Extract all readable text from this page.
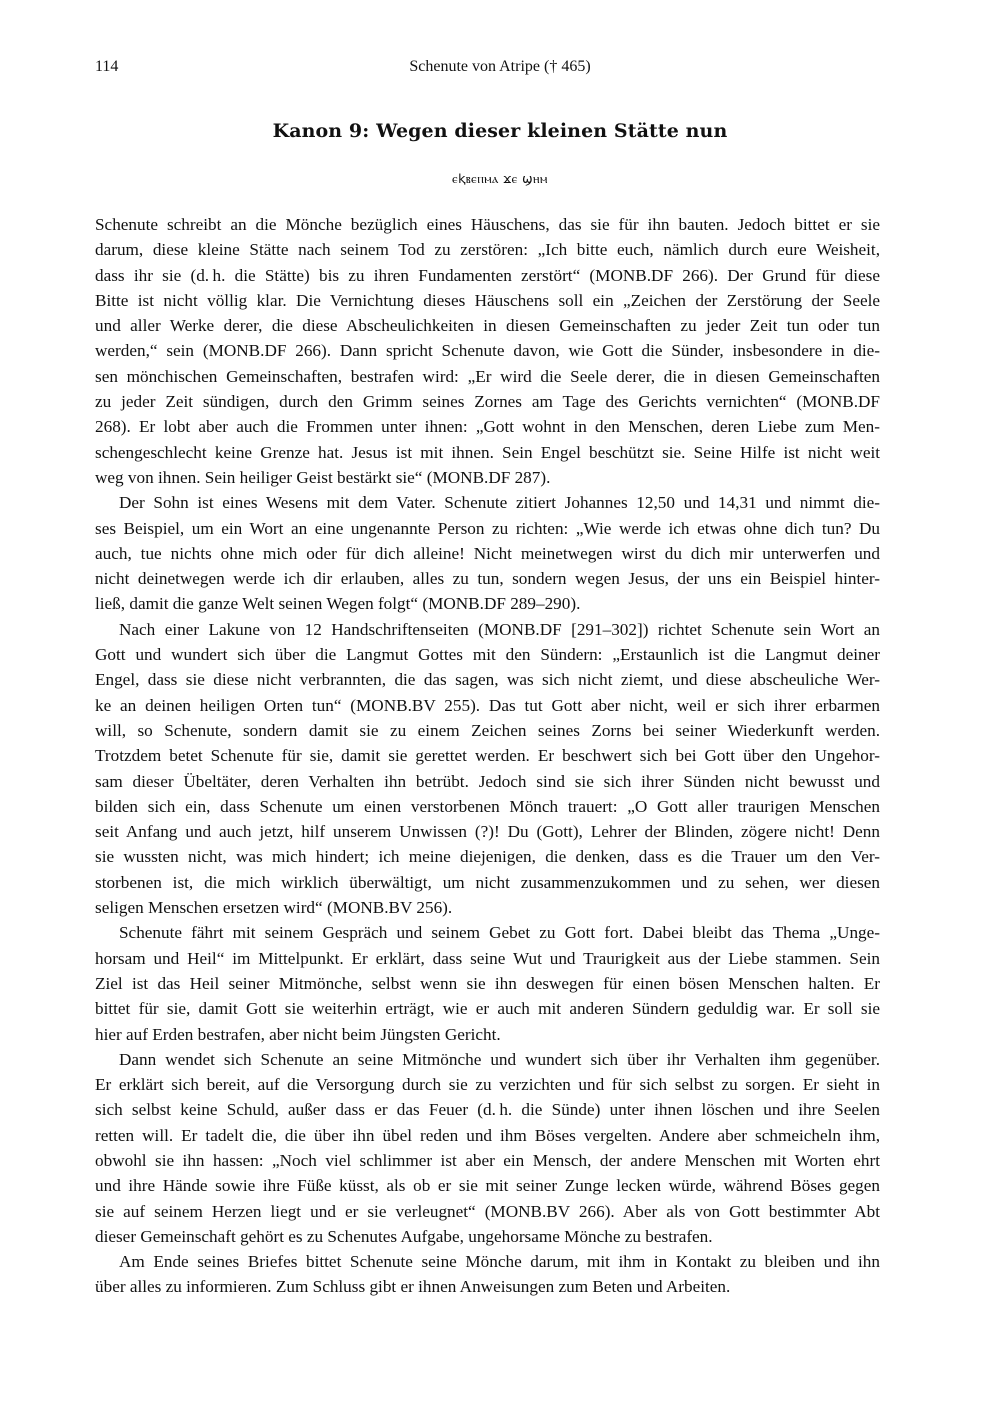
114	Schenute von Atripe († 465)
Kanon 9: Wegen dieser kleinen Stätte nun
ⲉⱪⲃⲉⲡⲙⲁ ϫⲉ ϣⲏⲙ
Schenute schreibt an die Mönche bezüglich eines Häuschens, das sie für ihn bauten. Jedoch bittet er sie
darum, diese kleine Stätte nach seinem Tod zu zerstören: „Ich bitte euch, nämlich durch eure Weisheit,
dass ihr sie (d. h. die Stätte) bis zu ihren Fundamenten zerstört“ (MONB.DF 266). Der Grund für diese
Bitte ist nicht völlig klar. Die Vernichtung dieses Häuschens soll ein „Zeichen der Zerstörung der Seele
und aller Werke derer, die diese Abscheulichkeiten in diesen Gemeinschaften zu jeder Zeit tun oder tun
werden,“ sein (MONB.DF 266). Dann spricht Schenute davon, wie Gott die Sünder, insbesondere in die-
sen mönchischen Gemeinschaften, bestrafen wird: „Er wird die Seele derer, die in diesen Gemeinschaften
zu jeder Zeit sündigen, durch den Grimm seines Zornes am Tage des Gerichts vernichten“ (MONB.DF
268). Er lobt aber auch die Frommen unter ihnen: „Gott wohnt in den Menschen, deren Liebe zum Men-
schengeschlecht keine Grenze hat. Jesus ist mit ihnen. Sein Engel beschützt sie. Seine Hilfe ist nicht weit
weg von ihnen. Sein heiliger Geist bestärkt sie“ (MONB.DF 287).
Der Sohn ist eines Wesens mit dem Vater. Schenute zitiert Johannes 12,50 und 14,31 und nimmt die-
ses Beispiel, um ein Wort an eine ungenannte Person zu richten: „Wie werde ich etwas ohne dich tun? Du
auch, tue nichts ohne mich oder für dich alleine! Nicht meinetwegen wirst du dich mir unterwerfen und
nicht deinetwegen werde ich dir erlauben, alles zu tun, sondern wegen Jesus, der uns ein Beispiel hinter-
ließ, damit die ganze Welt seinen Wegen folgt“ (MONB.DF 289–290).
Nach einer Lakune von 12 Handschriftenseiten (MONB.DF [291–302]) richtet Schenute sein Wort an
Gott und wundert sich über die Langmut Gottes mit den Sündern: „Erstaunlich ist die Langmut deiner
Engel, dass sie diese nicht verbrannten, die das sagen, was sich nicht ziemt, und diese abscheuliche Wer-
ke an deinen heiligen Orten tun“ (MONB.BV 255). Das tut Gott aber nicht, weil er sich ihrer erbarmen
will, so Schenute, sondern damit sie zu einem Zeichen seines Zorns bei seiner Wiederkunft werden.
Trotzdem betet Schenute für sie, damit sie gerettet werden. Er beschwert sich bei Gott über den Ungehor-
sam dieser Übeltäter, deren Verhalten ihn betrübt. Jedoch sind sie sich ihrer Sünden nicht bewusst und
bilden sich ein, dass Schenute um einen verstorbenen Mönch trauert: „O Gott aller traurigen Menschen
seit Anfang und auch jetzt, hilf unserem Unwissen (?)! Du (Gott), Lehrer der Blinden, zögere nicht! Denn
sie wussten nicht, was mich hindert; ich meine diejenigen, die denken, dass es die Trauer um den Ver-
storbenen ist, die mich wirklich überwältigt, um nicht zusammenzukommen und zu sehen, wer diesen
seligen Menschen ersetzen wird“ (MONB.BV 256).
Schenute fährt mit seinem Gespräch und seinem Gebet zu Gott fort. Dabei bleibt das Thema „Unge-
horsam und Heil“ im Mittelpunkt. Er erklärt, dass seine Wut und Traurigkeit aus der Liebe stammen. Sein
Ziel ist das Heil seiner Mitmönche, selbst wenn sie ihn deswegen für einen bösen Menschen halten. Er
bittet für sie, damit Gott sie weiterhin erträgt, wie er auch mit anderen Sündern geduldig war. Er soll sie
hier auf Erden bestrafen, aber nicht beim Jüngsten Gericht.
Dann wendet sich Schenute an seine Mitmönche und wundert sich über ihr Verhalten ihm gegenüber.
Er erklärt sich bereit, auf die Versorgung durch sie zu verzichten und für sich selbst zu sorgen. Er sieht in
sich selbst keine Schuld, außer dass er das Feuer (d. h. die Sünde) unter ihnen löschen und ihre Seelen
retten will. Er tadelt die, die über ihn übel reden und ihm Böses vergelten. Andere aber schmeicheln ihm,
obwohl sie ihn hassen: „Noch viel schlimmer ist aber ein Mensch, der andere Menschen mit Worten ehrt
und ihre Hände sowie ihre Füße küsst, als ob er sie mit seiner Zunge lecken würde, während Böses gegen
sie auf seinem Herzen liegt und er sie verleugnet“ (MONB.BV 266). Aber als von Gott bestimmter Abt
dieser Gemeinschaft gehört es zu Schenutes Aufgabe, ungehorsame Mönche zu bestrafen.
Am Ende seines Briefes bittet Schenute seine Mönche darum, mit ihm in Kontakt zu bleiben und ihn
über alles zu informieren. Zum Schluss gibt er ihnen Anweisungen zum Beten und Arbeiten.
